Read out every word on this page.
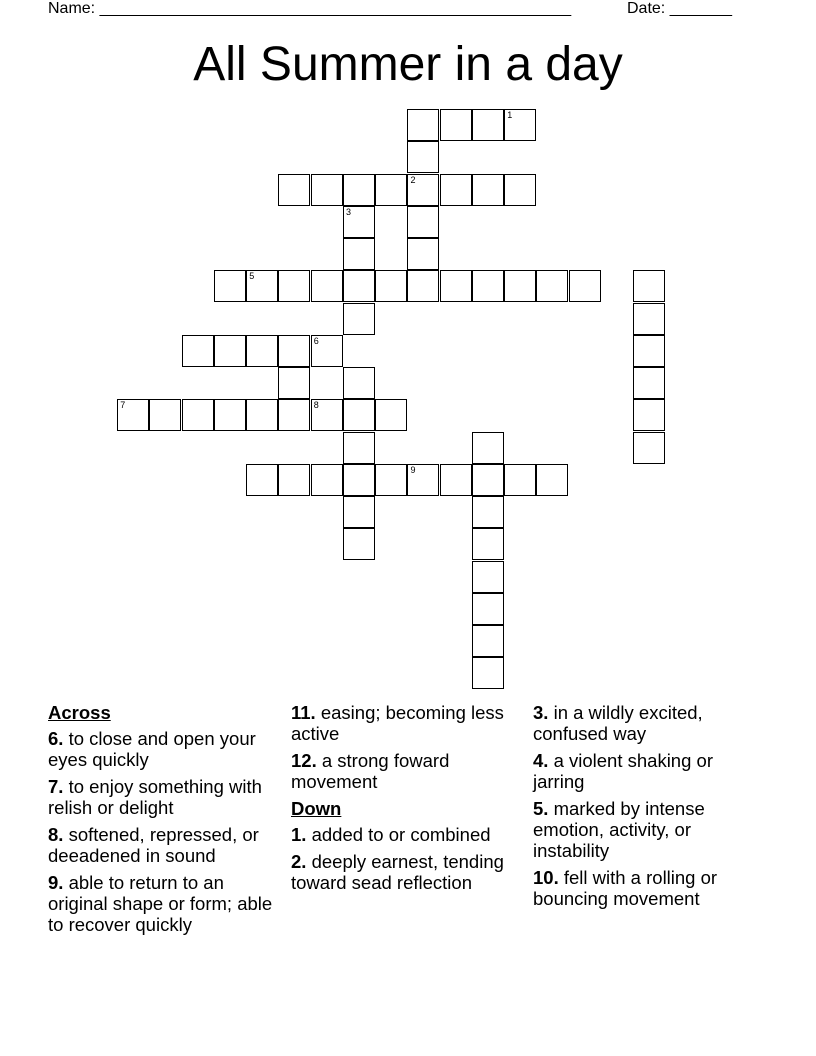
Name: _____________________________________________________	Date: _______
All Summer in a day
7	8
6
5
9
2
1
3
Across
6. to close and open your eyes quickly
7. to enjoy something with relish or delight
8. softened, repressed, or deeadened in sound
9. able to return to an original shape or form; able to recover quickly
11. easing; becoming less active
12. a strong foward movement
Down
1. added to or combined
2. deeply earnest, tending toward sead reflection
3. in a wildly excited, confused way
4. a violent shaking or jarring
5. marked by intense emotion, activity, or instability
10. fell with a rolling or bouncing movement
